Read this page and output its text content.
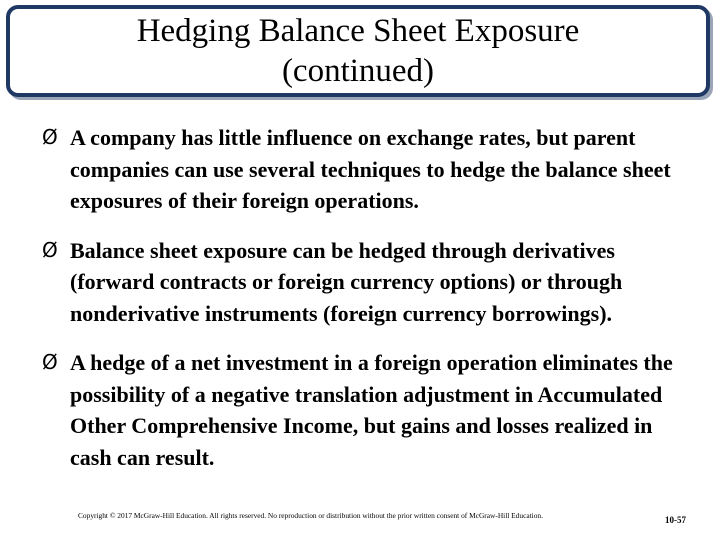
Hedging Balance Sheet Exposure
(continued)
Ø A company has little influence on exchange rates, but parent companies can use several techniques to hedge the balance sheet exposures of their foreign operations.
Ø Balance sheet exposure can be hedged through derivatives (forward contracts or foreign currency options) or through nonderivative instruments (foreign currency borrowings).
Ø A hedge of a net investment in a foreign operation eliminates the possibility of a negative translation adjustment in Accumulated Other Comprehensive Income, but gains and losses realized in cash can result.
Copyright © 2017 McGraw-Hill Education. All rights reserved. No reproduction or distribution without the prior written consent of McGraw-Hill Education.	10-57
